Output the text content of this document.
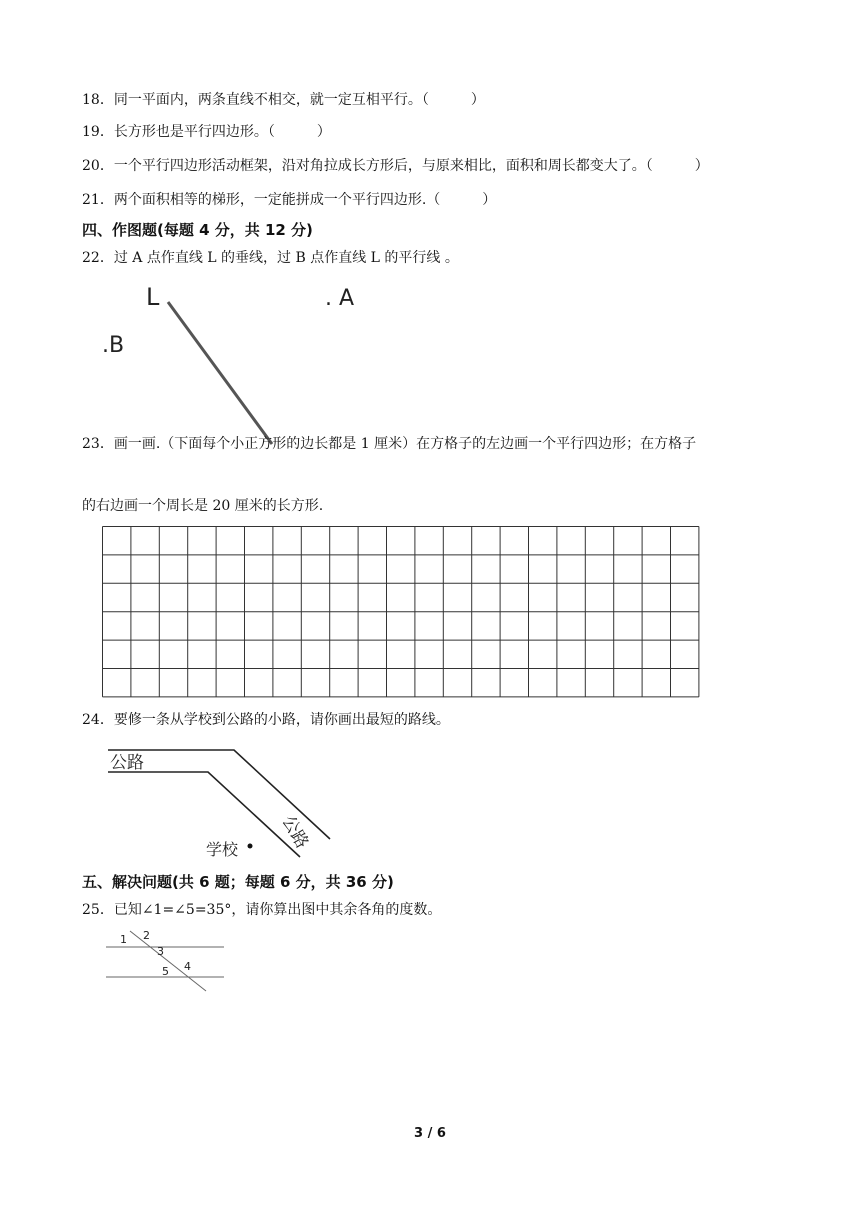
18．同一平面内，两条直线不相交，就一定互相平行。（　　　）
19．长方形也是平行四边形。（　　　）
20．一个平行四边形活动框架，沿对角拉成长方形后，与原来相比，面积和周长都变大了。（　　　）
21．两个面积相等的梯形，一定能拼成一个平行四边形.（　　　）
四、作图题(每题 4 分，共 12 分)
22．过 A 点作直线 L 的垂线，过 B 点作直线 L 的平行线 。
L	. A
.B
23．画一画.（下面每个小正方形的边长都是 1 厘米）在方格子的左边画一个平行四边形；在方格子
的右边画一个周长是 20 厘米的长方形.
24．要修一条从学校到公路的小路，请你画出最短的路线。
公路
公路
学校
五、解决问题(共 6 题；每题 6 分，共 36 分)
25．已知∠1=∠5=35°，请你算出图中其余各角的度数。
1 2
3
4
5
3 / 6
